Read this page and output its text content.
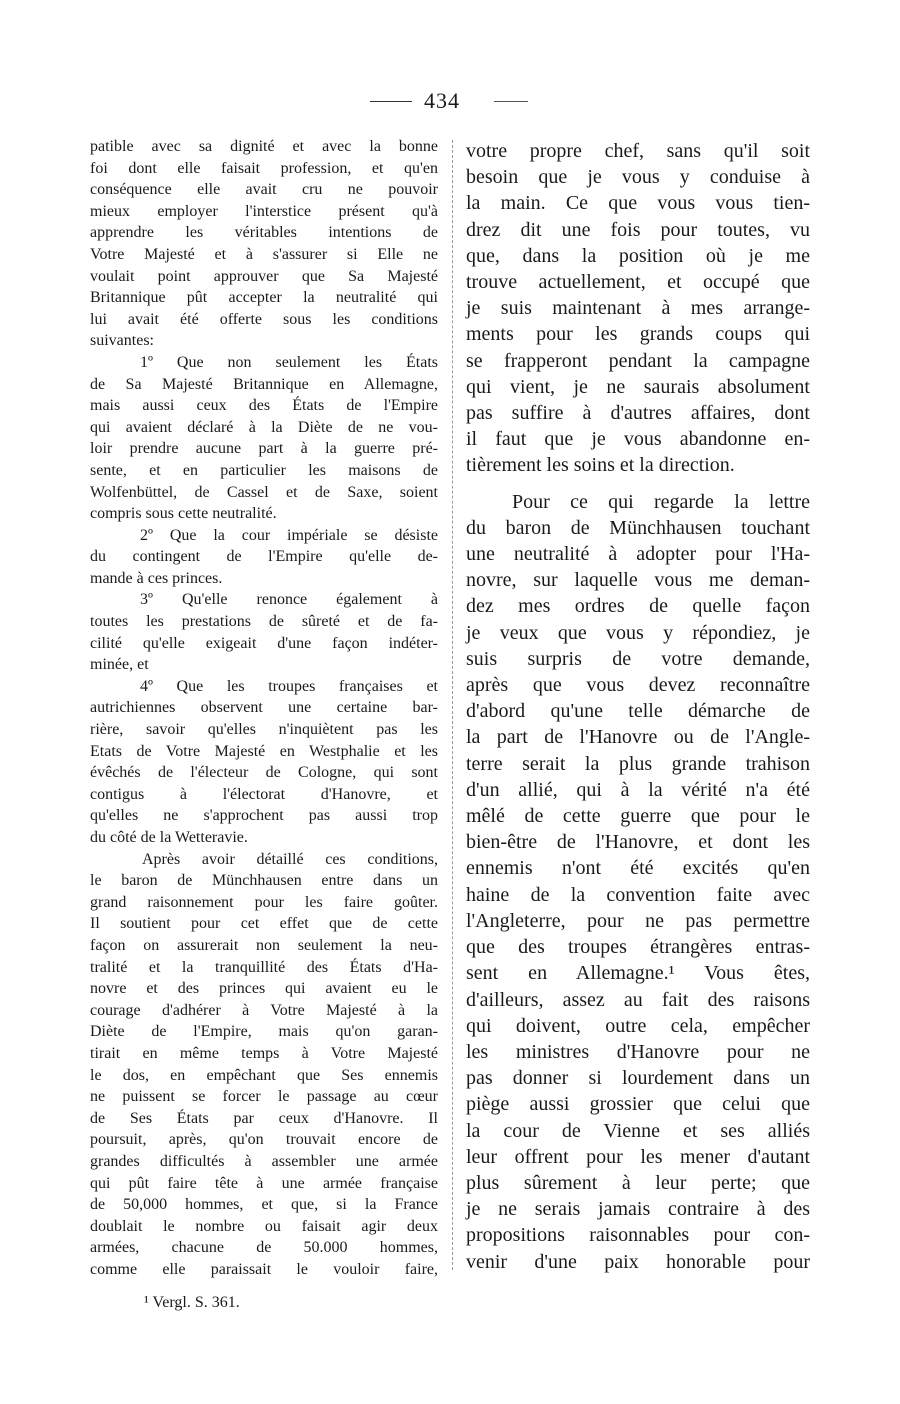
434
patible avec sa dignité et avec la bonne
foi dont elle faisait profession, et qu'en
conséquence elle avait cru ne pouvoir
mieux employer l'interstice présent qu'à
apprendre les véritables intentions de
Votre Majesté et à s'assurer si Elle ne
voulait point approuver que Sa Majesté
Britannique pût accepter la neutralité qui
lui avait été offerte sous les conditions
suivantes:
1º Que non seulement les États
de Sa Majesté Britannique en Allemagne,
mais aussi ceux des États de l'Empire
qui avaient déclaré à la Diète de ne vou-
loir prendre aucune part à la guerre pré-
sente, et en particulier les maisons de
Wolfenbüttel, de Cassel et de Saxe, soient
compris sous cette neutralité.
2º Que la cour impériale se désiste
du contingent de l'Empire qu'elle de-
mande à ces princes.
3º Qu'elle renonce également à
toutes les prestations de sûreté et de fa-
cilité qu'elle exigeait d'une façon indéter-
minée, et
4º Que les troupes françaises et
autrichiennes observent une certaine bar-
rière, savoir qu'elles n'inquiètent pas les
Etats de Votre Majesté en Westphalie et les
évêchés de l'électeur de Cologne, qui sont
contigus à l'électorat d'Hanovre, et
qu'elles ne s'approchent pas aussi trop
du côté de la Wetteravie.
Après avoir détaillé ces conditions,
le baron de Münchhausen entre dans un
grand raisonnement pour les faire goûter.
Il soutient pour cet effet que de cette
façon on assurerait non seulement la neu-
tralité et la tranquillité des États d'Ha-
novre et des princes qui avaient eu le
courage d'adhérer à Votre Majesté à la
Diète de l'Empire, mais qu'on garan-
tirait en même temps à Votre Majesté
le dos, en empêchant que Ses ennemis
ne puissent se forcer le passage au cœur
de Ses États par ceux d'Hanovre. Il
poursuit, après, qu'on trouvait encore de
grandes difficultés à assembler une armée
qui pût faire tête à une armée française
de 50,000 hommes, et que, si la France
doublait le nombre ou faisait agir deux
armées, chacune de 50.000 hommes,
comme elle paraissait le vouloir faire,
votre propre chef, sans qu'il soit
besoin que je vous y conduise à
la main. Ce que vous vous tien-
drez dit une fois pour toutes, vu
que, dans la position où je me
trouve actuellement, et occupé que
je suis maintenant à mes arrange-
ments pour les grands coups qui
se frapperont pendant la campagne
qui vient, je ne saurais absolument
pas suffire à d'autres affaires, dont
il faut que je vous abandonne en-
tièrement les soins et la direction.
Pour ce qui regarde la lettre
du baron de Münchhausen touchant
une neutralité à adopter pour l'Ha-
novre, sur laquelle vous me deman-
dez mes ordres de quelle façon
je veux que vous y répondiez, je
suis surpris de votre demande,
après que vous devez reconnaître
d'abord qu'une telle démarche de
la part de l'Hanovre ou de l'Angle-
terre serait la plus grande trahison
d'un allié, qui à la vérité n'a été
mêlé de cette guerre que pour le
bien-être de l'Hanovre, et dont les
ennemis n'ont été excités qu'en
haine de la convention faite avec
l'Angleterre, pour ne pas permettre
que des troupes étrangères entras-
sent en Allemagne.¹ Vous êtes,
d'ailleurs, assez au fait des raisons
qui doivent, outre cela, empêcher
les ministres d'Hanovre pour ne
pas donner si lourdement dans un
piège aussi grossier que celui que
la cour de Vienne et ses alliés
leur offrent pour les mener d'autant
plus sûrement à leur perte; que
je ne serais jamais contraire à des
propositions raisonnables pour con-
venir d'une paix honorable pour
¹ Vergl. S. 361.
